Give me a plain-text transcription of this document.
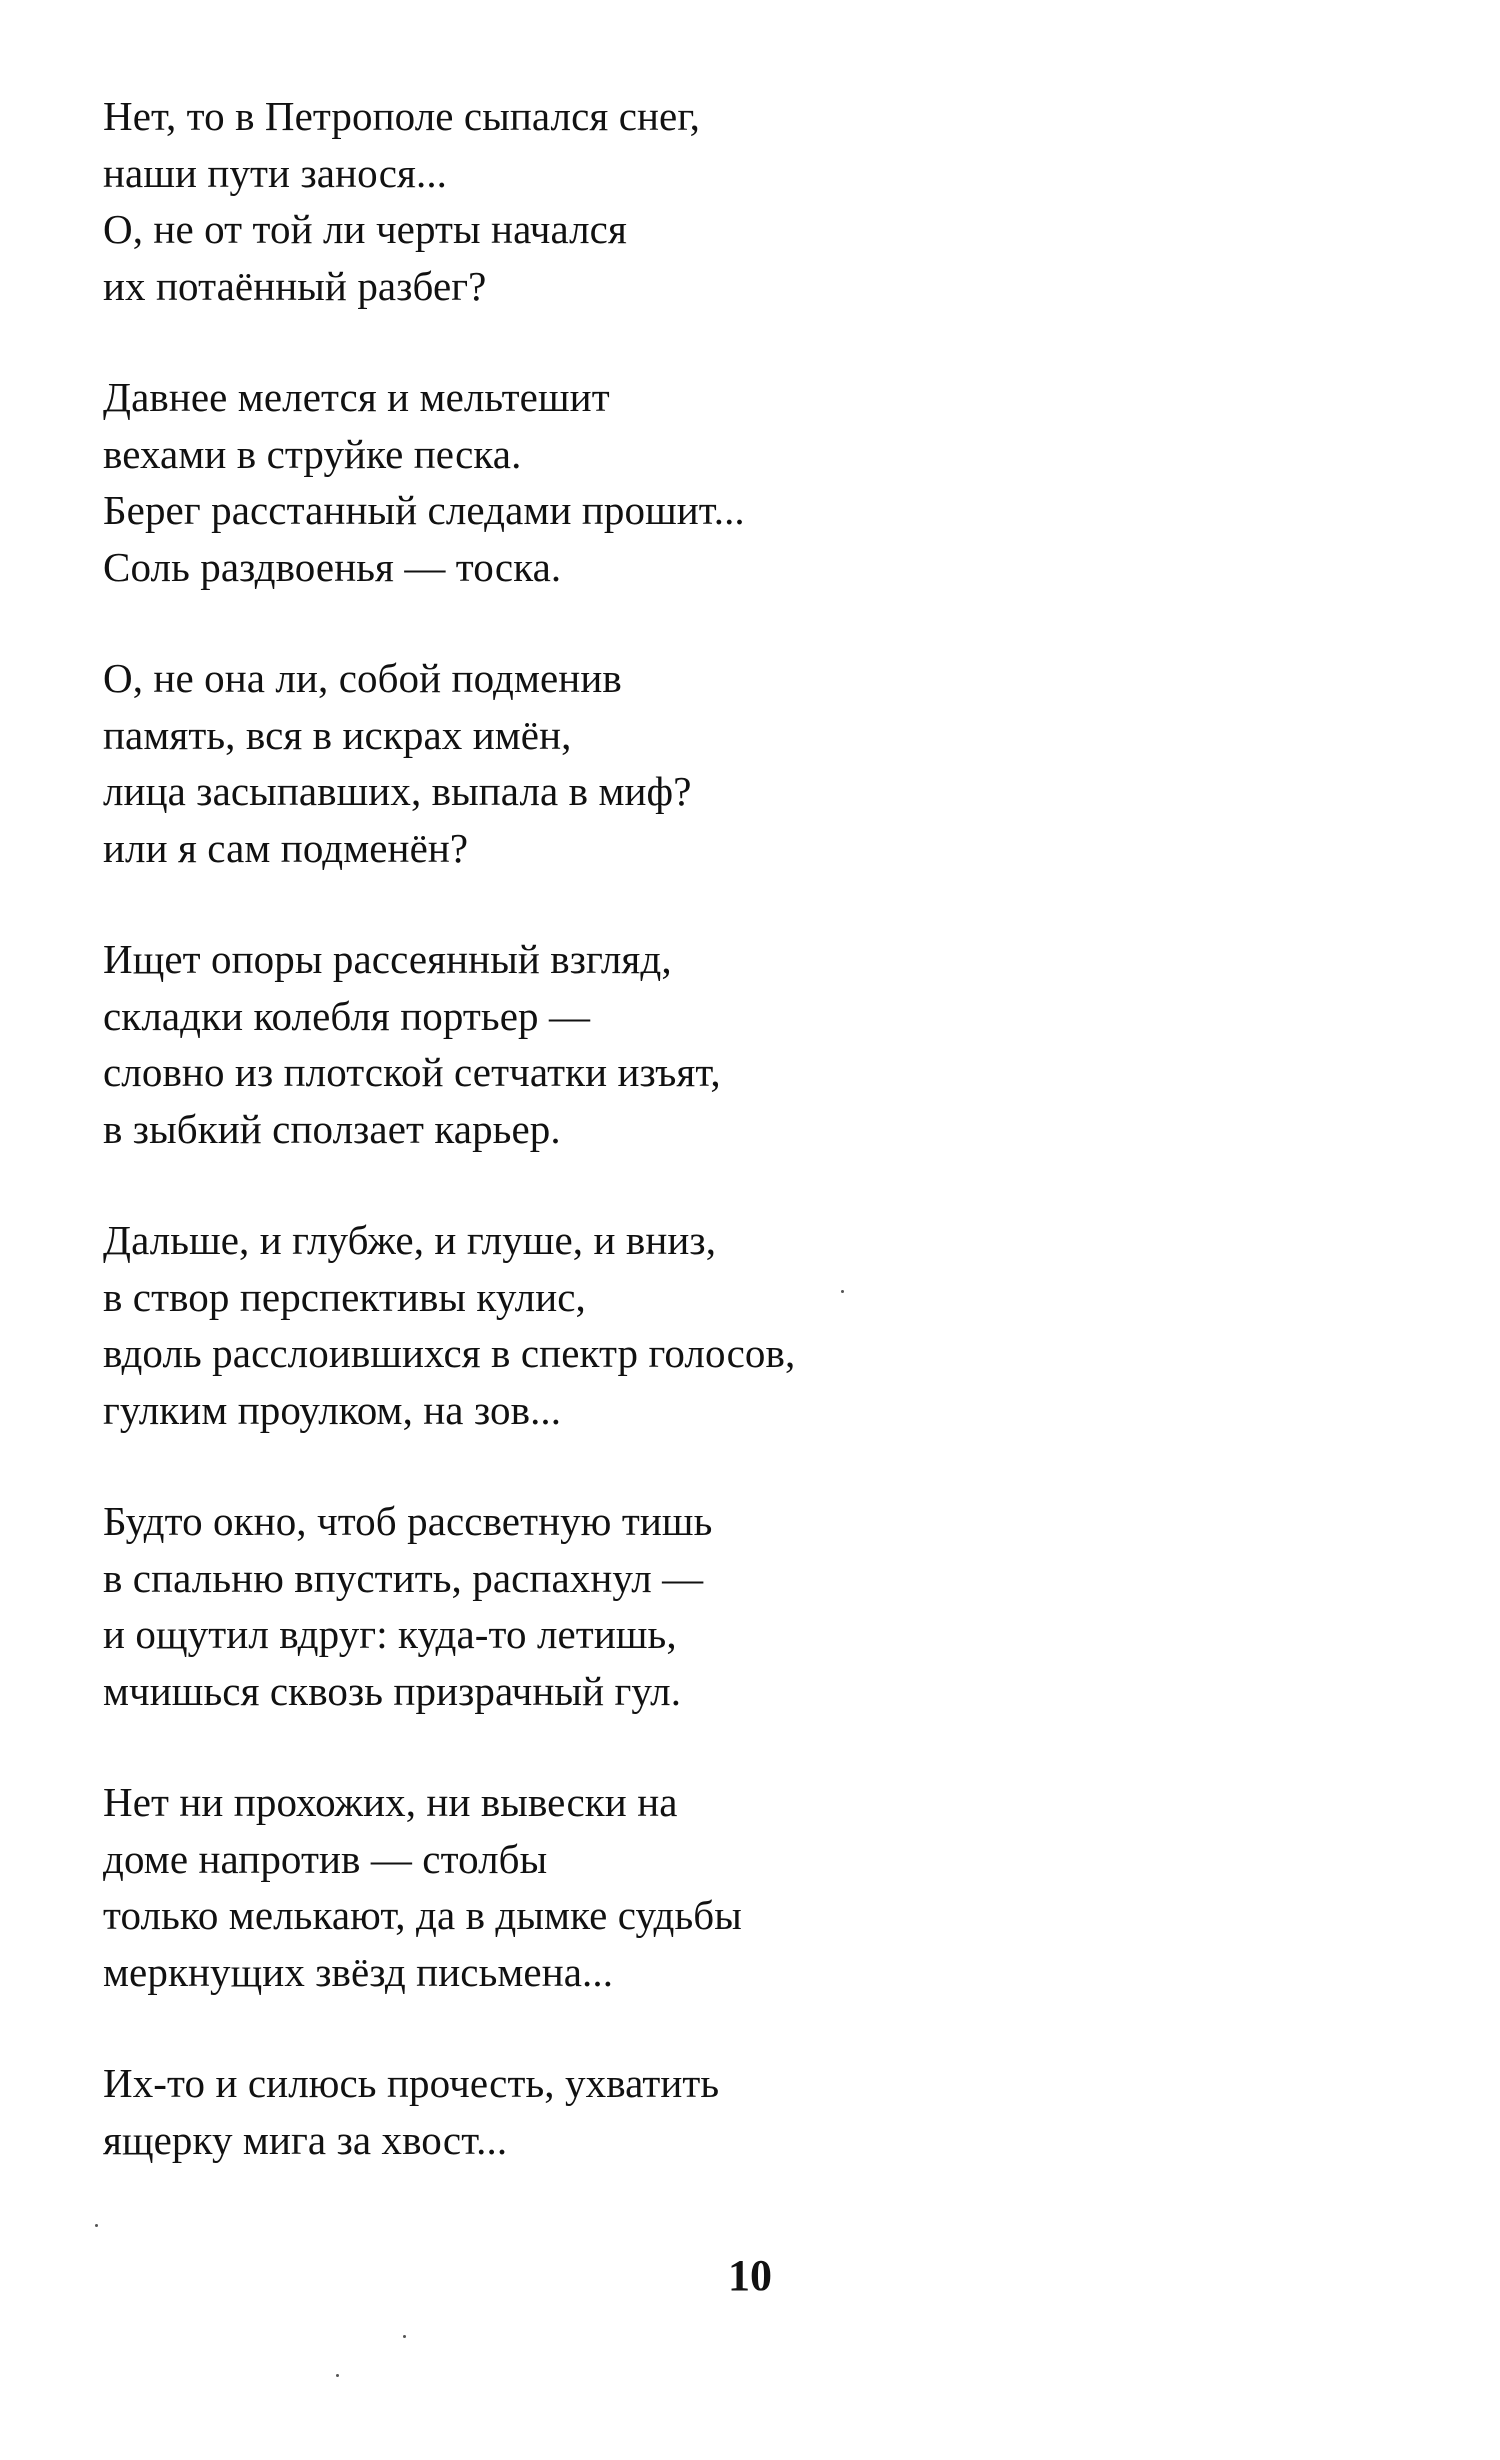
Нет, то в Петрополе сыпался снег,
наши пути занося...
О, не от той ли черты начался
их потаённый разбег?
Давнее мелется и мельтешит
вехами в струйке песка.
Берег рacстанный следами прошит...
Соль раздвоенья — тоска.
О, не она ли, собой подменив
память, вся в искрах имён,
лица засыпавших, выпала в миф?
или я сам подменён?
Ищет опоры рассеянный взгляд,
складки колебля портьер —
словно из плотской сетчатки изъят,
в зыбкий сползает карьер.
Дальше, и глубже, и глуше, и вниз,
в створ перспективы кулис,
вдоль расслоившихся в спектр голосов,
гулким проулком, на зов...
Будто окно, чтоб рассветную тишь
в спальню впустить, распахнул —
и ощутил вдруг: куда-то летишь,
мчишься сквозь призрачный гул.
Нет ни прохожих, ни вывески на
доме напротив — столбы
только мелькают, да в дымке судьбы
меркнущих звёзд письмена...
Их-то и силюсь прочесть, ухватить
ящерку мига за хвост...
10
